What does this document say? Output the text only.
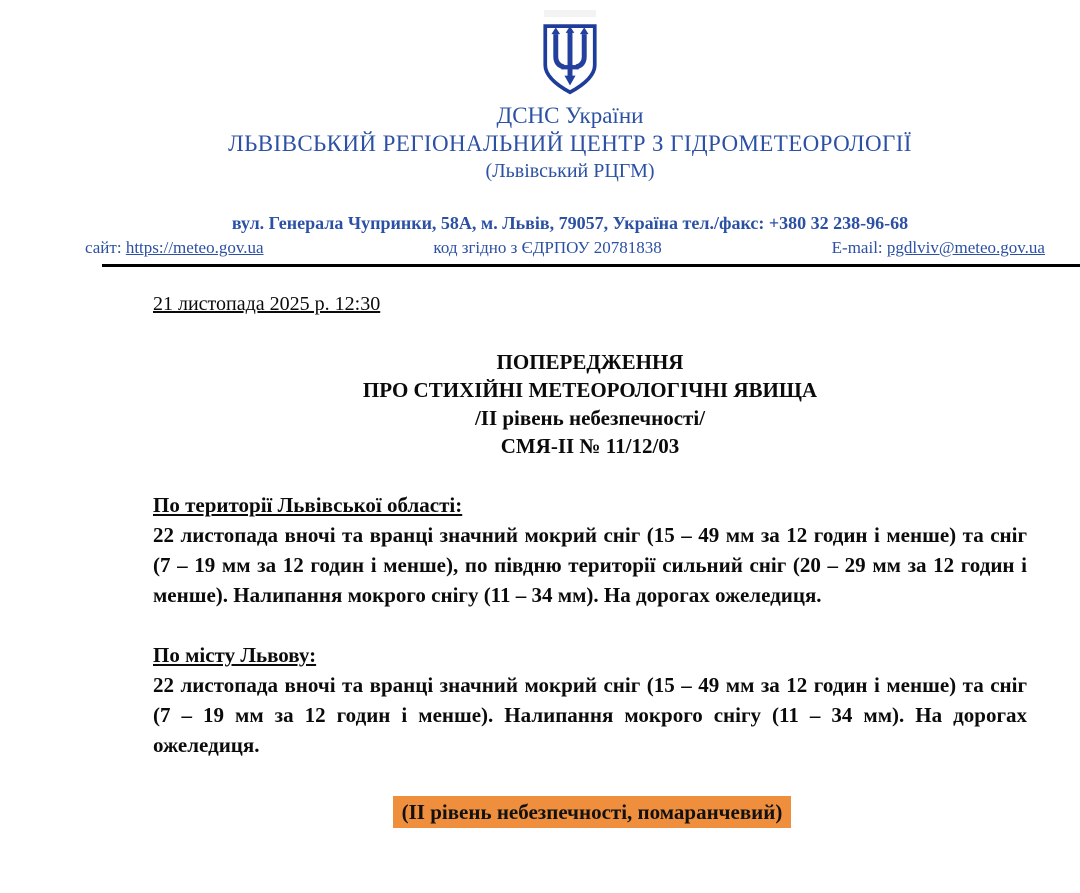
ДСНС України
ЛЬВІВСЬКИЙ РЕГІОНАЛЬНИЙ ЦЕНТР З ГІДРОМЕТЕОРОЛОГІЇ
(Львівський РЦГМ)
вул. Генерала Чупринки, 58А, м. Львів, 79057, Україна тел./факс: +380 32 238-96-68
сайт: https://meteo.gov.ua	код згідно з ЄДРПОУ 20781838	E-mail: pgdlviv@meteo.gov.ua
21 листопада 2025 р. 12:30
ПОПЕРЕДЖЕННЯ
ПРО СТИХІЙНІ МЕТЕОРОЛОГІЧНІ ЯВИЩА
/ІІ рівень небезпечності/
СМЯ-ІІ № 11/12/03
По території Львівської області:
22 листопада вночі та вранці значний мокрий сніг (15 – 49 мм за 12 годин і менше) та сніг (7 – 19 мм за 12 годин і менше), по півдню території сильний сніг (20 – 29 мм за 12 годин і менше). Налипання мокрого снігу (11 – 34 мм). На дорогах ожеледиця.
По місту Львову:
22 листопада вночі та вранці значний мокрий сніг (15 – 49 мм за 12 годин і менше) та сніг (7 – 19 мм за 12 годин і менше). Налипання мокрого снігу (11 – 34 мм). На дорогах ожеледиця.
(ІІ рівень небезпечності, помаранчевий)
